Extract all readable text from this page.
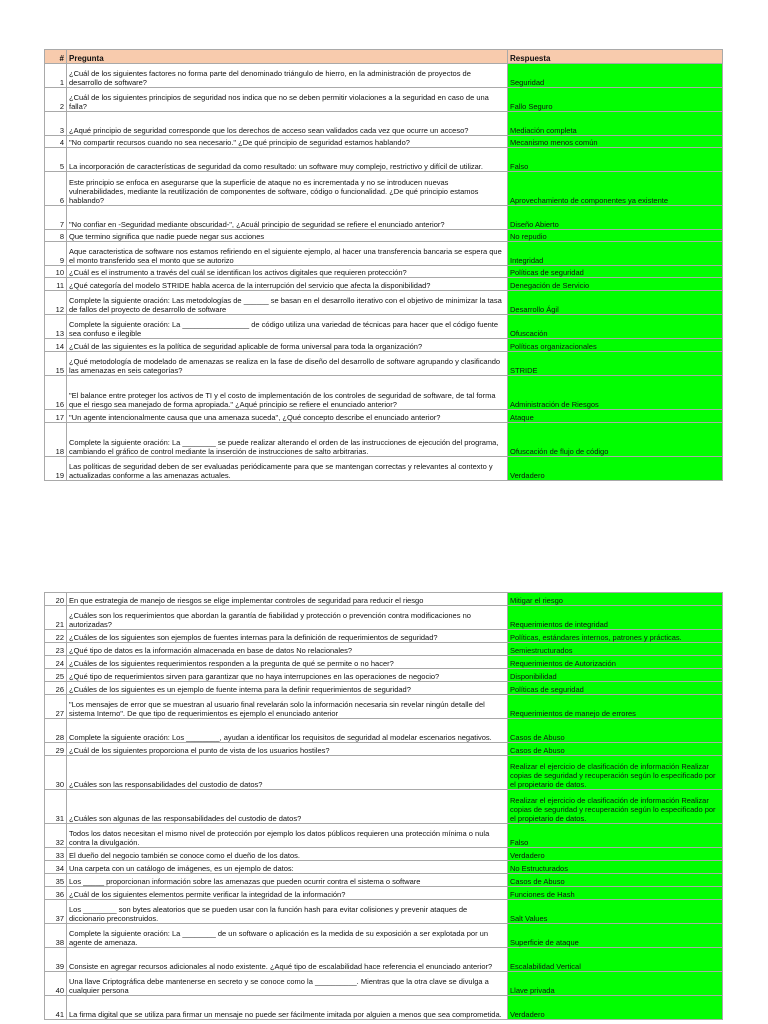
#	Pregunta	Respuesta
1	¿Cuál de los siguientes factores no forma parte del denominado triángulo de hierro, en la administración de proyectos de desarrollo de software?	Seguridad
2	¿Cuál de los siguientes principios de seguridad nos indica que no se deben permitir violaciones a la seguridad en caso de una falla?	Fallo Seguro
3	¿Aqué principio de seguridad corresponde que los derechos de acceso sean validados cada vez que ocurre un acceso?	Mediación completa
4	"No compartir recursos cuando no sea necesario." ¿De qué principio de seguridad estamos hablando?	Mecanismo menos común
5	La incorporación de características de seguridad da como resultado: un software muy complejo, restrictivo y difícil de utilizar.	Falso
6	Este principio se enfoca en asegurarse que la superficie de ataque no es incrementada y no se introducen nuevas vulnerabilidades, mediante la reutilización de componentes de software, código o funcionalidad. ¿De qué principio estamos hablando?	Aprovechamiento de componentes ya existente
7	"No confiar en -Seguridad mediante obscuridad-", ¿Acuál principio de seguridad se refiere el enunciado anterior?	Diseño Abierto
8	Que termino significa que nadie puede negar sus acciones	No repudio
9	Aque caracteristica de software nos estamos refiriendo en el siguiente ejemplo, al hacer una transferencia bancaria se espera que el monto transferido sea el monto que se autorizo	Integridad
10	¿Cuál es el instrumento a través del cuál se identifican los activos digitales que requieren protección?	Políticas de seguridad
11	¿Qué categoría del modelo STRIDE habla acerca de la interrupción del servicio que afecta la disponibilidad?	Denegación de Servicio
12	Complete la siguiente oración: Las metodologías de ______ se basan en el desarrollo iterativo con el objetivo de minimizar la tasa de fallos del proyecto de desarrollo de software	Desarrollo Ágil
13	Complete la siguiente oración: La ________________ de código utiliza una variedad de técnicas para hacer que el código fuente sea confuso e ilegible	Ofuscación
14	¿Cuál de las siguientes es la política de seguridad aplicable de forma universal para toda la organización?	Políticas organizacionales
15	¿Qué metodología de modelado de amenazas se realiza en la fase de diseño del desarrollo de software agrupando y clasificando las amenazas en seis categorías?	STRIDE
16	"El balance entre proteger los activos de TI y el costo de implementación de los controles de seguridad de software, de tal forma que el riesgo sea manejado de forma apropiada." ¿Aqué principio se refiere el enunciado anterior?	Administración de Riesgos
17	"Un agente intencionalmente causa que una amenaza suceda", ¿Qué concepto describe el enunciado anterior?	Ataque
18	Complete la siguiente oración: La ________ se puede realizar alterando el orden de las instrucciones de ejecución del programa, cambiando el gráfico de control mediante la inserción de instrucciones de salto arbitrarias.	Ofuscación de flujo de código
19	Las políticas de seguridad deben de ser evaluadas periódicamente para que se mantengan correctas y relevantes al contexto y actualizadas conforme a las amenazas actuales.	Verdadero
20	En que estrategia de manejo de riesgos se elige implementar controles de seguridad para reducir el riesgo	Mitigar el riesgo
21	¿Cuáles son los requerimientos que abordan la garantía de fiabilidad y protección o prevención contra modificaciones no autorizadas?	Requerimientos de integridad
22	¿Cuáles de los siguientes son ejemplos de fuentes internas para la definición de requerimientos de seguridad?	Políticas, estándares internos, patrones y prácticas.
23	¿Qué tipo de datos es la información almacenada en base de datos No relacionales?	Semiestructurados
24	¿Cuáles de los siguientes requerimientos responden a la pregunta de qué se permite o no hacer?	Requerimientos de Autorización
25	¿Qué tipo de requerimientos sirven para garantizar que no haya interrupciones en las operaciones de negocio?	Disponibilidad
26	¿Cuáles de los siguientes es un ejemplo de fuente interna para la definir requerimientos de seguridad?	Políticas de seguridad
27	"Los mensajes de error que se muestran al usuario final revelarán solo la información necesaria sin revelar ningún detalle del sistema Interno". De que tipo de requerimientos es ejemplo el enunciado anterior	Requerimientos de manejo de errores
28	Complete la siguiente oración: Los ________, ayudan a identificar los requisitos de seguridad al modelar escenarios negativos.	Casos de Abuso
29	¿Cuál de los siguientes proporciona el punto de vista de los usuarios hostiles?	Casos de Abuso
30	¿Cuáles son las responsabilidades del custodio de datos?	Realizar el ejercicio de clasificación de información Realizar copias de seguridad y recuperación según lo especificado por el propietario de datos.
31	¿Cuáles son algunas de las responsabilidades del custodio de datos?	Realizar el ejercicio de clasificación de información Realizar copias de seguridad y recuperación según lo especificado por el propietario de datos.
32	Todos los datos necesitan el mismo nivel de protección por ejemplo los datos públicos requieren una protección mínima o nula contra la divulgación.	Falso
33	El dueño del negocio también se conoce como el dueño de los datos.	Verdadero
34	Una carpeta con un catálogo de imágenes, es un ejemplo de datos:	No Estructurados
35	Los _____ proporcionan información sobre las amenazas que pueden ocurrir contra el sistema o software	Casos de Abuso
36	¿Cuál de los siguientes elementos permite verificar la integridad de la información?	Funciones de Hash
37	Los ________ son bytes aleatorios que se pueden usar con la función hash para evitar colisiones y prevenir ataques de diccionario preconstruidos.	Salt Values
38	Complete la siguiente oración: La ________ de un software o aplicación es la medida de su exposición a ser explotada por un agente de amenaza.	Superficie de ataque
39	Consiste en agregar recursos adicionales al nodo existente. ¿Aqué tipo de escalabilidad hace referencia el enunciado anterior?	Escalabilidad Vertical
40	Una llave Criptográfica debe mantenerse en secreto y se conoce como la __________. Mientras que la otra clave se divulga a cualquier persona	Llave privada
41	La firma digital que se utiliza para firmar un mensaje no puede ser fácilmente imitada por alguien a menos que sea comprometida.	Verdadero
